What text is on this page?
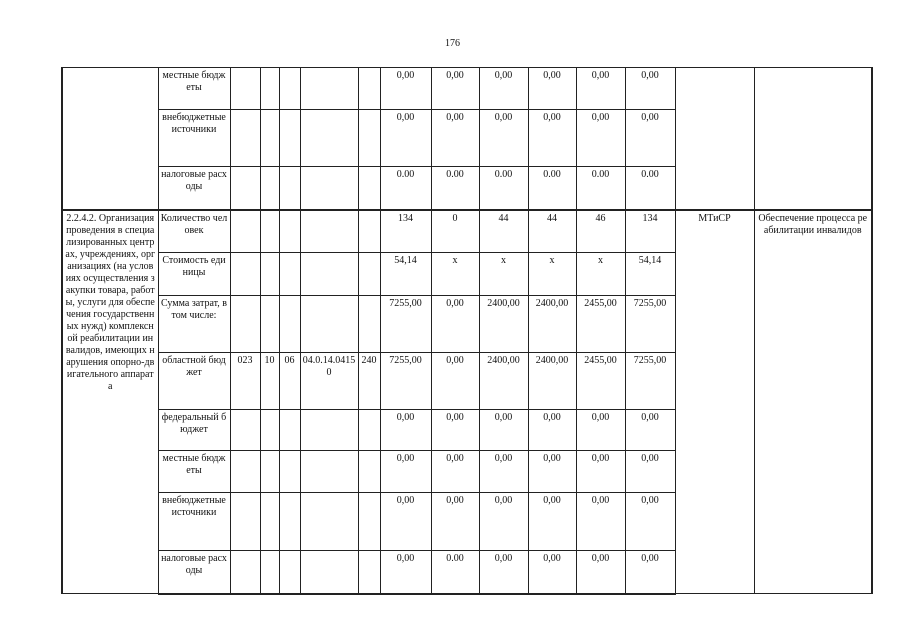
176
	местные бюджеты						0,00	0,00	0,00	0,00	0,00	0,00		
	внебюджетные источники						0,00	0,00	0,00	0,00	0,00	0,00		
	налоговые расходы						0.00	0.00	0.00	0.00	0.00	0.00		
2.2.4.2. Организация проведения в специализированных центрах, учреждениях, организациях (на условиях осуществления закупки товара, работы, услуги для обеспечения государственных нужд) комплексной реабилитации инвалидов, имеющих нарушения опорно-двигательного аппарата	Количество человек						134	0	44	44	46	134	МТиСР	Обеспечение процесса реабилитации инвалидов
	Стоимость единицы						54,14	х	х	х	х	54,14		
	Сумма затрат, в том числе:						7255,00	0,00	2400,00	2400,00	2455,00	7255,00		
	областной бюджет	023	10	06	04.0.14.04150	240	7255,00	0,00	2400,00	2400,00	2455,00	7255,00		
	федеральный бюджет						0,00	0,00	0,00	0,00	0,00	0,00		
	местные бюджеты						0,00	0,00	0,00	0,00	0,00	0,00		
	внебюджетные источники						0,00	0,00	0,00	0,00	0,00	0,00		
	налоговые расходы						0,00	0.00	0,00	0,00	0,00	0,00		
